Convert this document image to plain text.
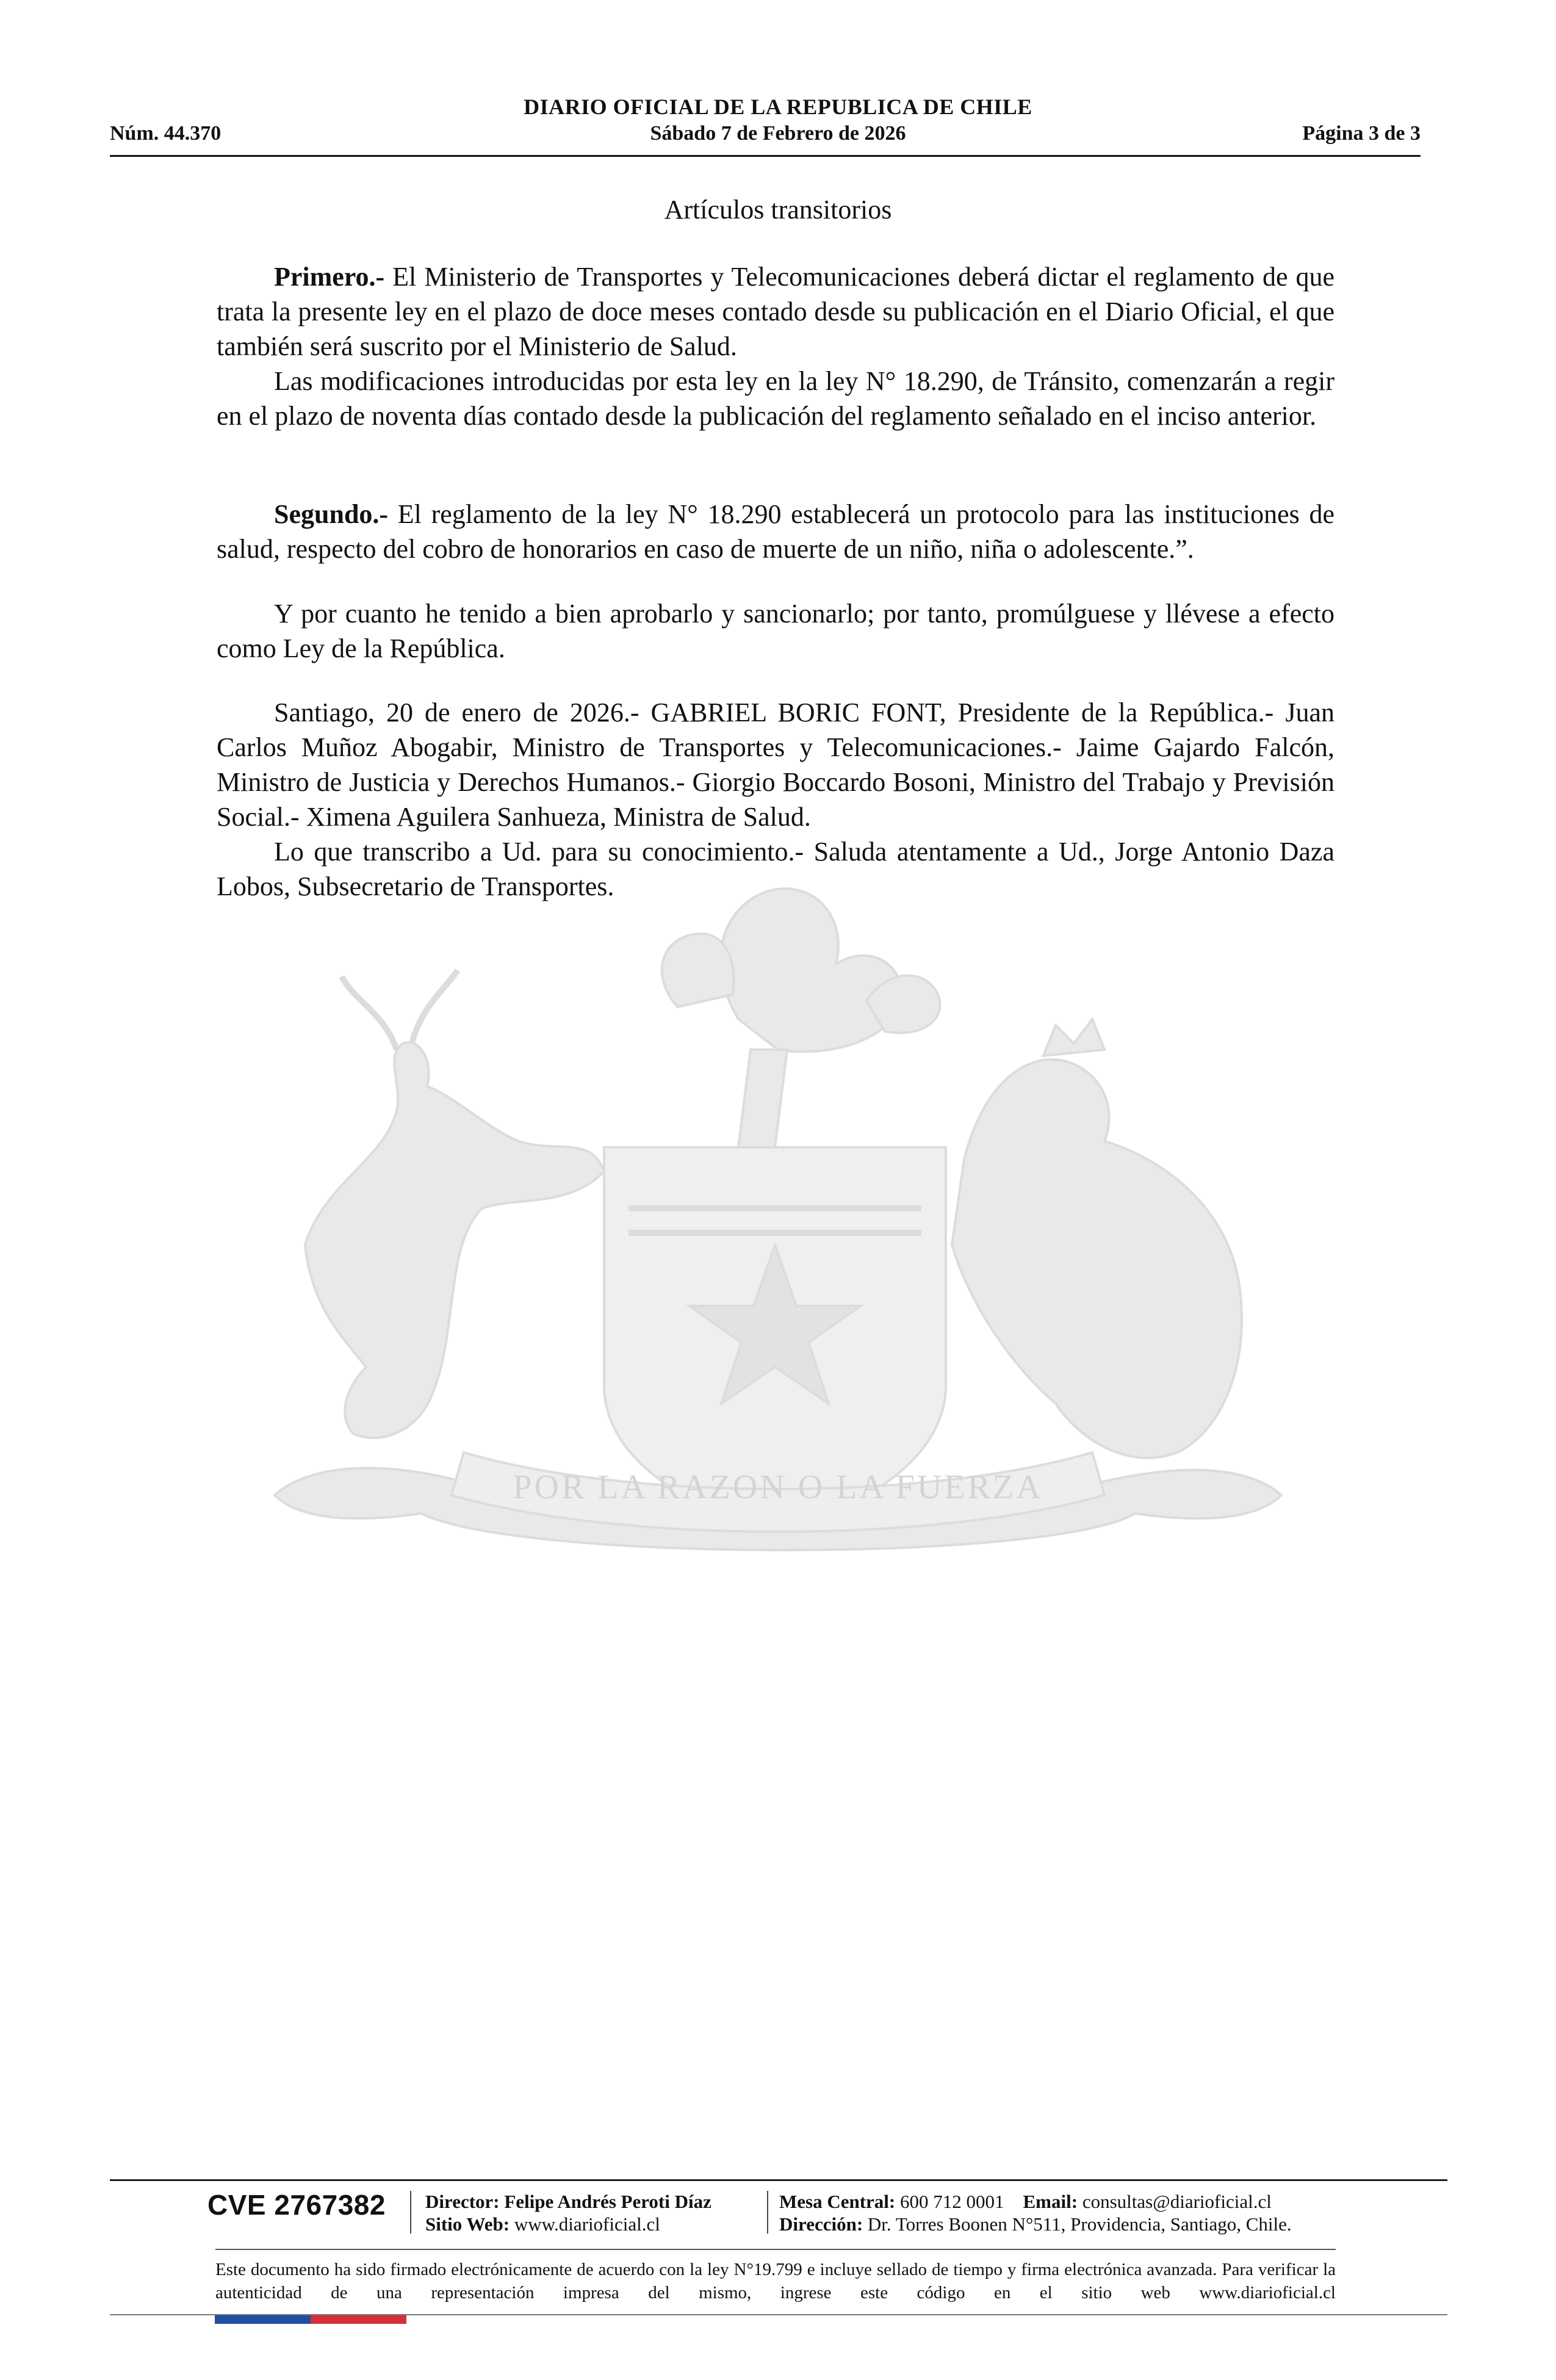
DIARIO OFICIAL DE LA REPUBLICA DE CHILE
Núm. 44.370	Sábado 7 de Febrero de 2026	Página 3 de 3
POR LA RAZON O LA FUERZA
Artículos transitorios

Primero.- El Ministerio de Transportes y Telecomunicaciones deberá dictar el reglamento de que trata la presente ley en el plazo de doce meses contado desde su publicación en el Diario Oficial, el que también será suscrito por el Ministerio de Salud.

Las modificaciones introducidas por esta ley en la ley N° 18.290, de Tránsito, comenzarán a regir en el plazo de noventa días contado desde la publicación del reglamento señalado en el inciso anterior.

Segundo.- El reglamento de la ley N° 18.290 establecerá un protocolo para las instituciones de salud, respecto del cobro de honorarios en caso de muerte de un niño, niña o adolescente.”.

Y por cuanto he tenido a bien aprobarlo y sancionarlo; por tanto, promúlguese y llévese a efecto como Ley de la República.

Santiago, 20 de enero de 2026.- GABRIEL BORIC FONT, Presidente de la República.- Juan Carlos Muñoz Abogabir, Ministro de Transportes y Telecomunicaciones.- Jaime Gajardo Falcón, Ministro de Justicia y Derechos Humanos.- Giorgio Boccardo Bosoni, Ministro del Trabajo y Previsión Social.- Ximena Aguilera Sanhueza, Ministra de Salud.

Lo que transcribo a Ud. para su conocimiento.- Saluda atentamente a Ud., Jorge Antonio Daza Lobos, Subsecretario de Transportes.

CVE 2767382 Director: Felipe Andrés Peroti Díaz
Sitio Web: www.diarioficial.cl
Mesa Central: 600 712 0001 Email: consultas@diarioficial.cl
Dirección: Dr. Torres Boonen N°511, Providencia, Santiago, Chile.
Este documento ha sido firmado electrónicamente de acuerdo con la ley N°19.799 e incluye sellado de tiempo y firma electrónica avanzada. Para verificar la autenticidad de una representación impresa del mismo, ingrese este código en el sitio web www.diarioficial.cl
